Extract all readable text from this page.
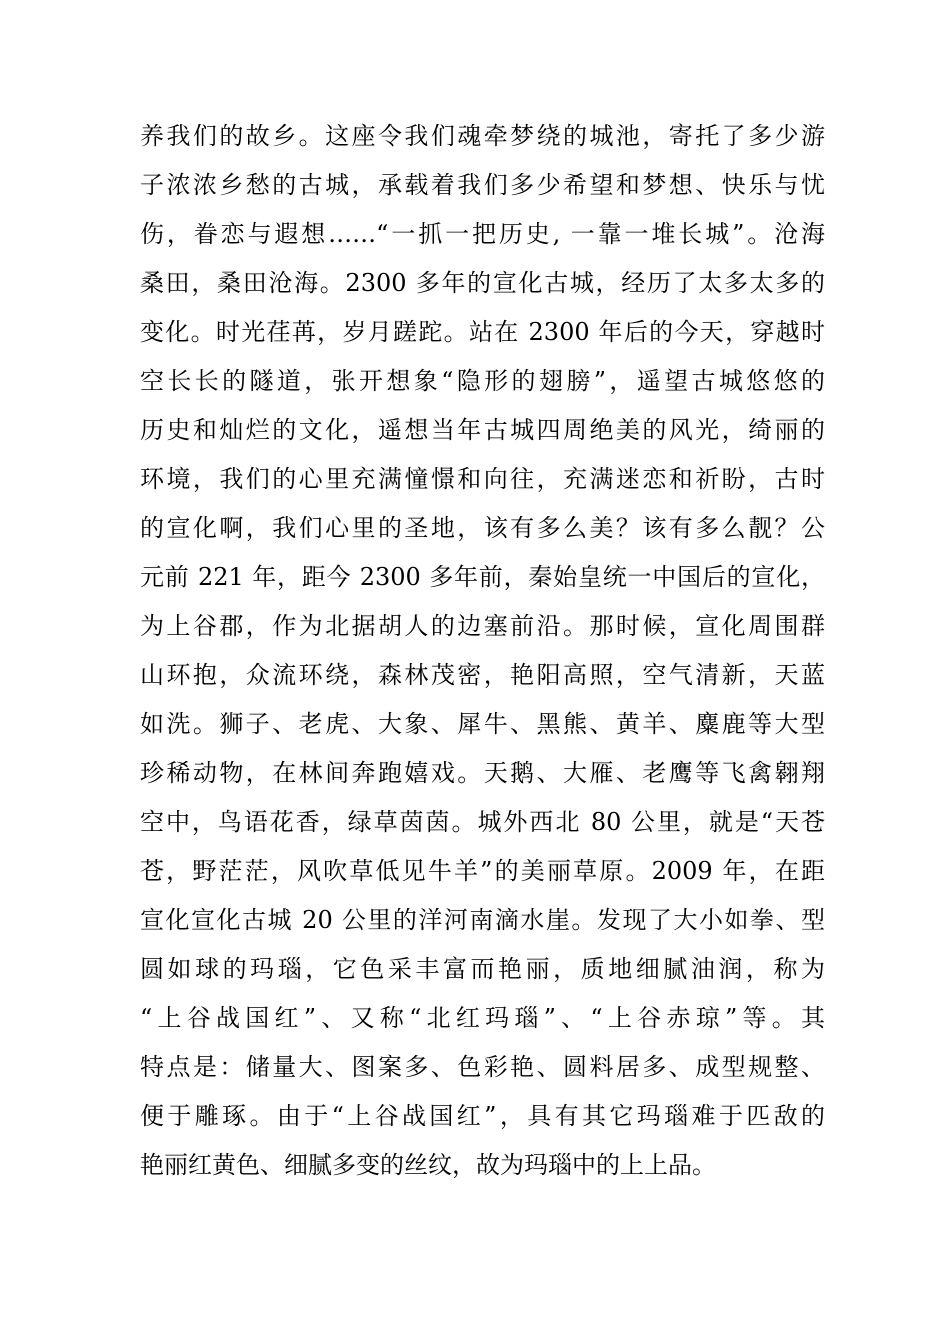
养我们的故乡。这座令我们魂牵梦绕的城池，寄托了多少游
子浓浓乡愁的古城，承载着我们多少希望和梦想、快乐与忧
伤，眷恋与遐想……“一抓一把历史, 一靠一堆长城”。沧海
桑田，桑田沧海。2300 多年的宣化古城，经历了太多太多的
变化。时光荏苒，岁月蹉跎。站在 2300 年后的今天，穿越时
空长长的隧道，张开想象“隐形的翅膀”，遥望古城悠悠的
历史和灿烂的文化，遥想当年古城四周绝美的风光，绮丽的
环境，我们的心里充满憧憬和向往，充满迷恋和祈盼，古时
的宣化啊，我们心里的圣地，该有多么美？该有多么靓？公
元前 221 年，距今 2300 多年前，秦始皇统一中国后的宣化，
为上谷郡，作为北据胡人的边塞前沿。那时候，宣化周围群
山环抱，众流环绕，森林茂密，艳阳高照，空气清新，天蓝
如洗。狮子、老虎、大象、犀牛、黑熊、黄羊、麋鹿等大型
珍稀动物，在林间奔跑嬉戏。天鹅、大雁、老鹰等飞禽翱翔
空中，鸟语花香，绿草茵茵。城外西北 80 公里，就是“天苍
苍，野茫茫，风吹草低见牛羊”的美丽草原。2009 年，在距
宣化宣化古城 20 公里的洋河南滴水崖。发现了大小如拳、型
圆如球的玛瑙，它色采丰富而艳丽，质地细腻油润，称为
“上谷战国红”、又称“北红玛瑙”、“上谷赤琼”等。其
特点是：储量大、图案多、色彩艳、圆料居多、成型规整、
便于雕琢。由于“上谷战国红”，具有其它玛瑙难于匹敌的
艳丽红黄色、细腻多变的丝纹，故为玛瑙中的上上品。
